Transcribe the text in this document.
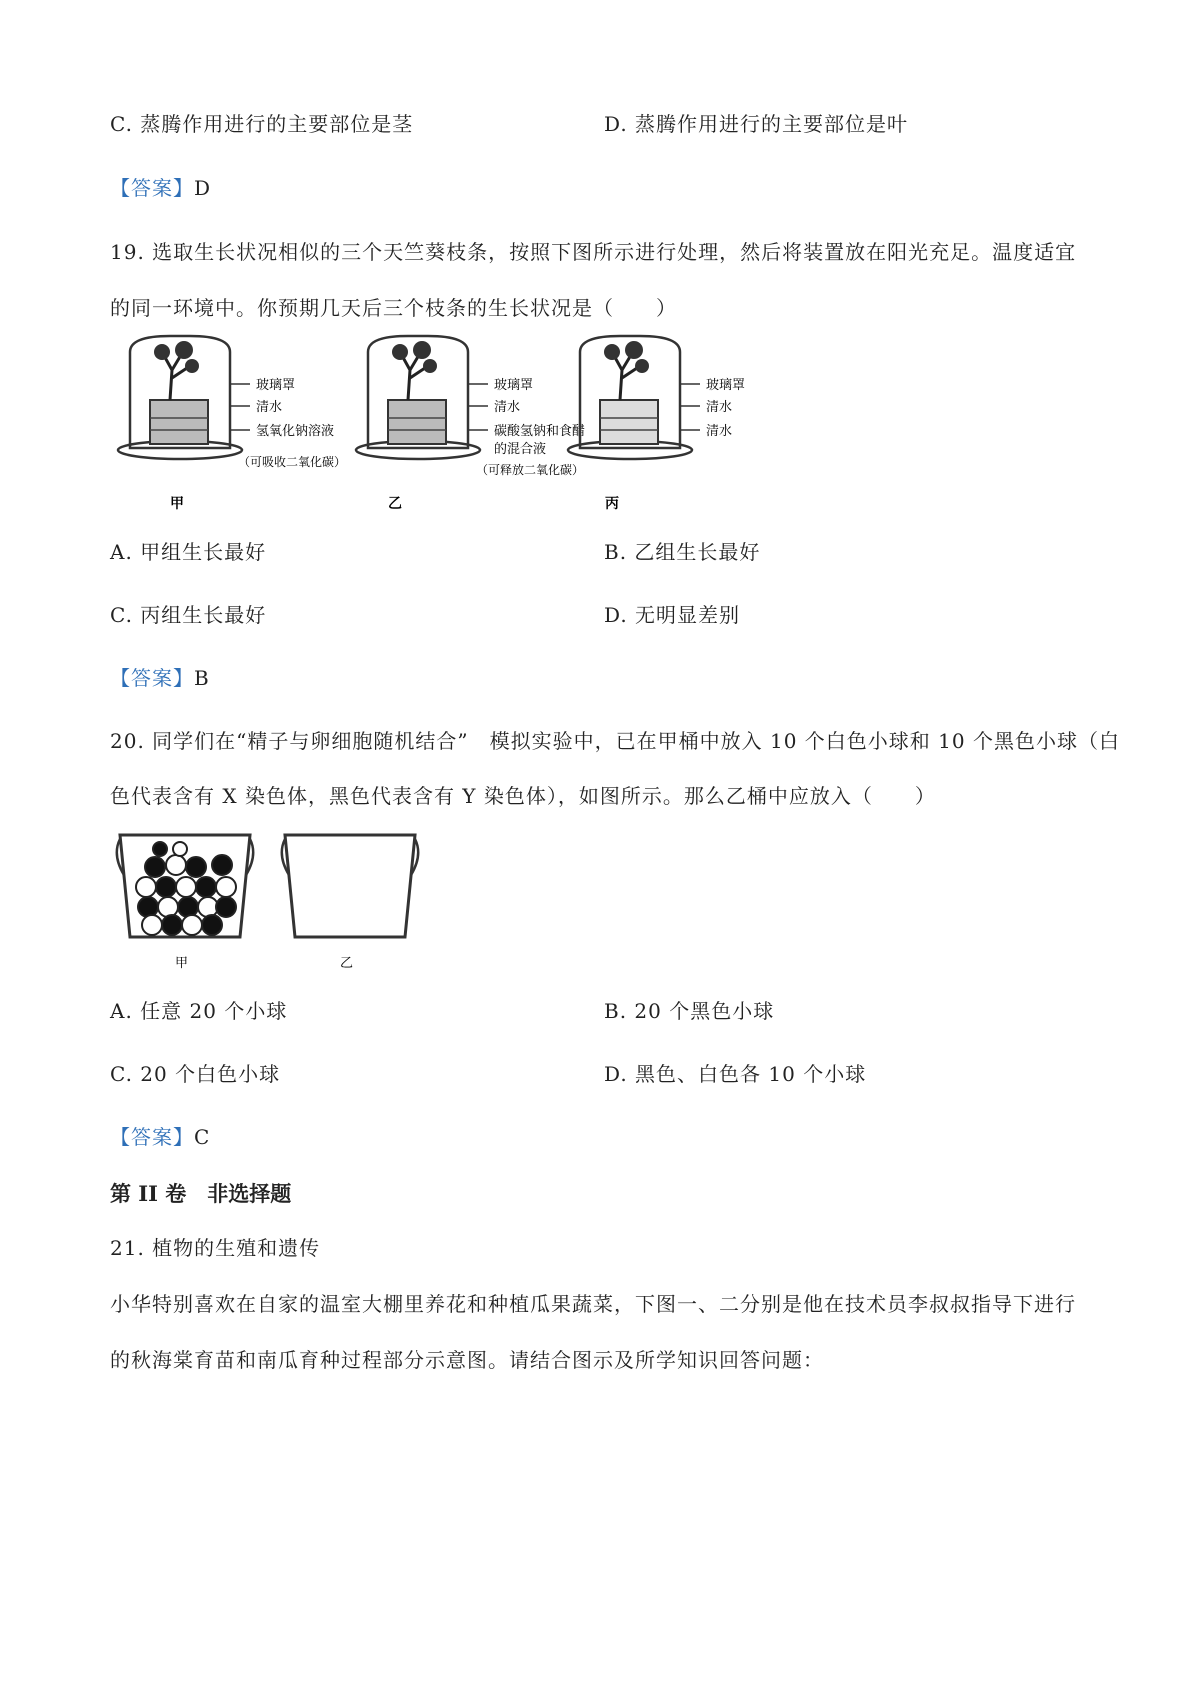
C. 蒸腾作用进行的主要部位是茎	D. 蒸腾作用进行的主要部位是叶
【答案】D
19. 选取生长状况相似的三个天竺葵枝条，按照下图所示进行处理，然后将装置放在阳光充足。温度适宜
的同一环境中。你预期几天后三个枝条的生长状况是（　　）
玻璃罩
清水
氢氧化钠溶液
（可吸收二氧化碳）
甲
玻璃罩
清水
碳酸氢钠和食醋
的混合液
（可释放二氧化碳）
乙
玻璃罩
清水
清水
丙
A. 甲组生长最好	B. 乙组生长最好
C. 丙组生长最好	D. 无明显差别
【答案】B
20. 同学们在“精子与卵细胞随机结合”　模拟实验中，已在甲桶中放入 10 个白色小球和 10 个黑色小球（白
色代表含有 X 染色体，黑色代表含有 Y 染色体），如图所示。那么乙桶中应放入（　　）
甲	乙
A. 任意 20 个小球	B. 20 个黑色小球
C. 20 个白色小球	D. 黑色、白色各 10 个小球
【答案】C
第 II 卷　非选择题
21. 植物的生殖和遗传
小华特别喜欢在自家的温室大棚里养花和种植瓜果蔬菜，下图一、二分别是他在技术员李叔叔指导下进行
的秋海棠育苗和南瓜育种过程部分示意图。请结合图示及所学知识回答问题：
